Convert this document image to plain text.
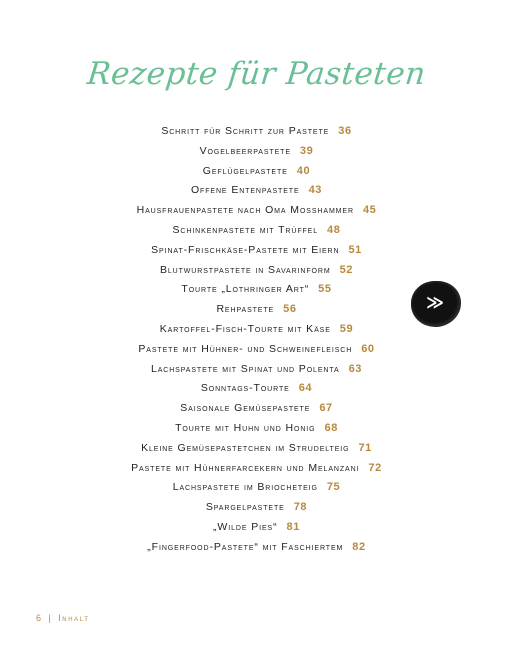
Rezepte für Pasteten
Schritt für Schritt zur Pastete 36
Vogelbeerpastete 39
Geflügelpastete 40
Offene Entenpastete 43
Hausfrauenpastete nach Oma Mosshammer 45
Schinkenpastete mit Trüffel 48
Spinat-Frischkäse-Pastete mit Eiern 51
Blutwurstpastete in Savarinform 52
Tourte „Lothringer Art“ 55
Rehpastete 56
Kartoffel-Fisch-Tourte mit Käse 59
Pastete mit Hühner- und Schweinefleisch 60
Lachspastete mit Spinat und Polenta 63
Sonntags-Tourte 64
Saisonale Gemüsepastete 67
Tourte mit Huhn und Honig 68
Kleine Gemüsepastetchen im Strudelteig 71
Pastete mit Hühnerfarcekern und Melanzani 72
Lachspastete im Briocheteig 75
Spargelpastete 78
„Wilde Pies“ 81
„Fingerfood-Pastete“ mit Faschiertem 82
≫
6 | Inhalt
